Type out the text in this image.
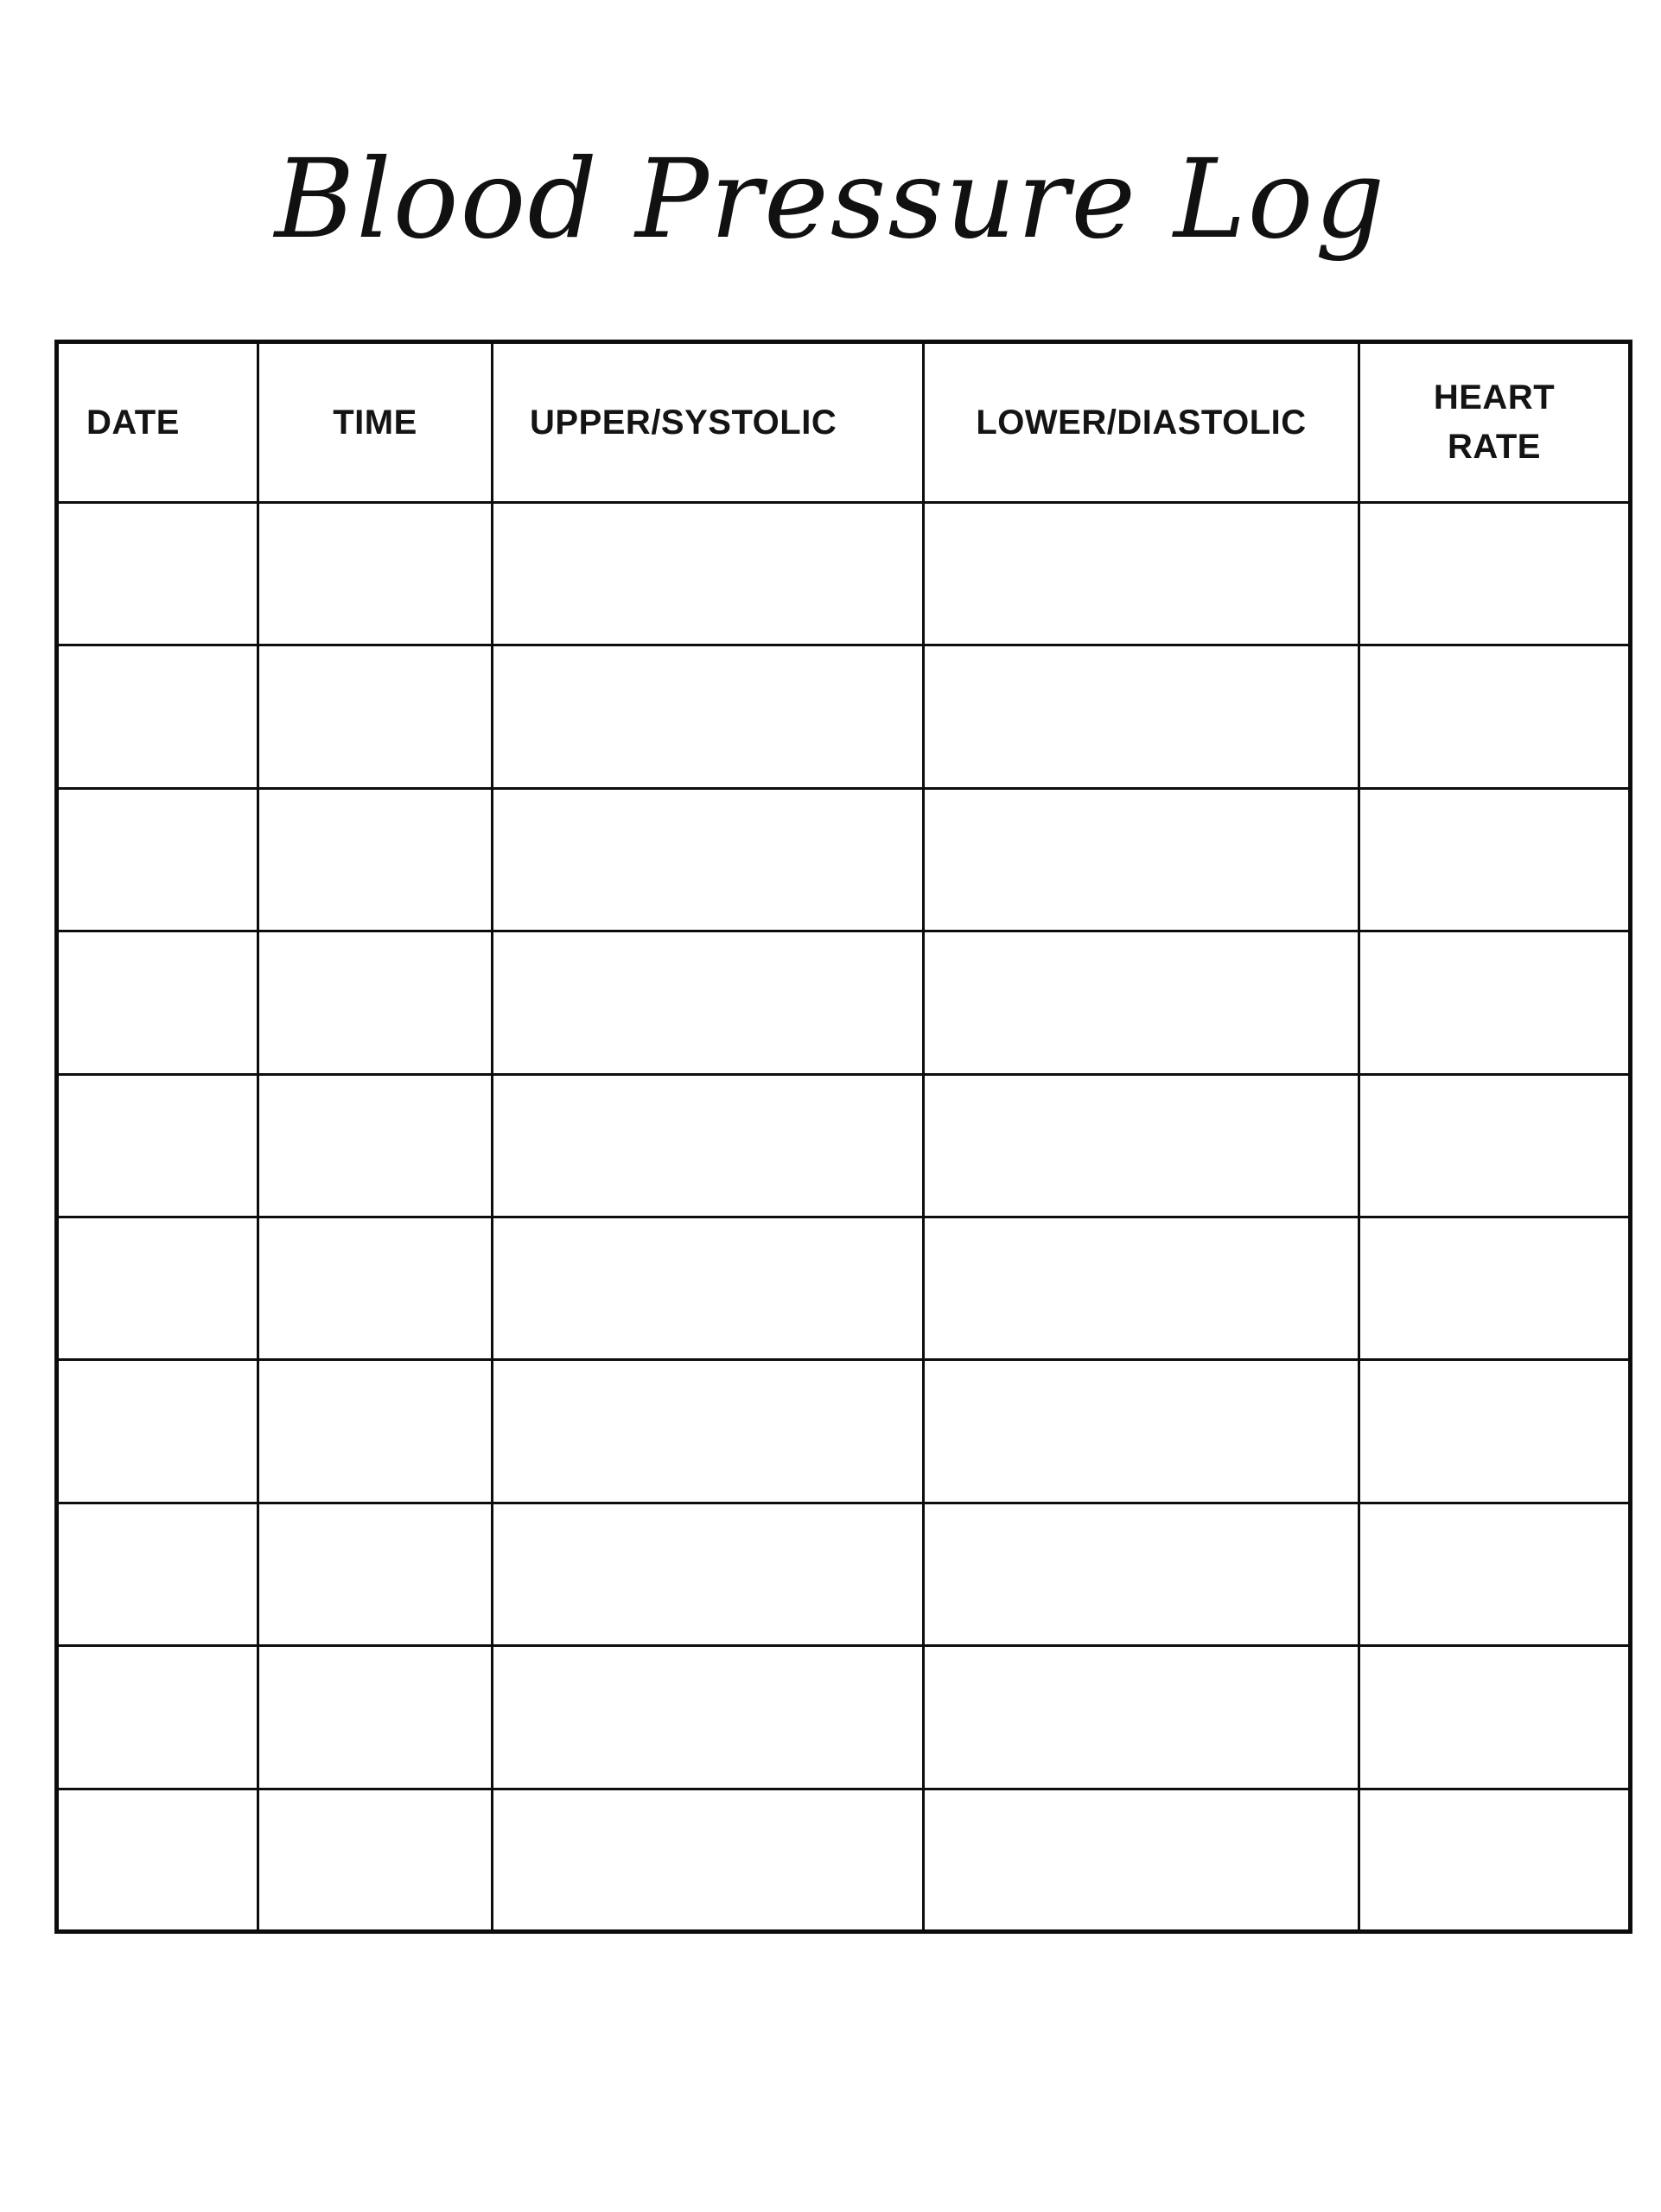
Blood Pressure Log
DATE	TIME	UPPER/SYSTOLIC	LOWER/DIASTOLIC	HEART RATE
